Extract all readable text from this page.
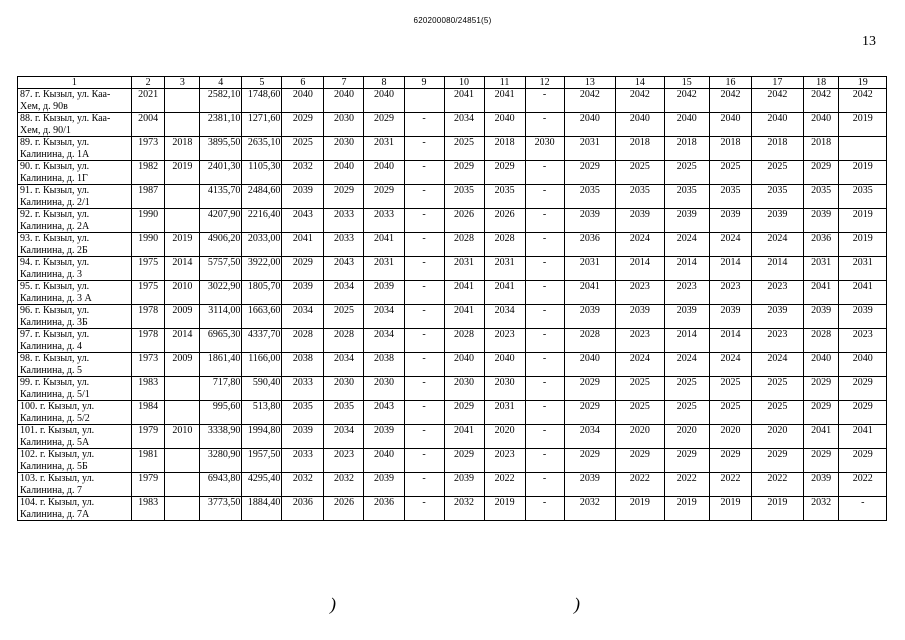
620200080/24851(5)
13
1	2	3	4	5	6	7	8	9	10	11	12	13	14	15	16	17	18	19
87. г. Кызыл, ул. Каа-Хем, д. 90в	2021		2582,10	1748,60	2040	2040	2040		2041	2041	-	2042	2042	2042	2042	2042	2042	2042
88. г. Кызыл, ул. Каа-Хем, д. 90/1	2004		2381,10	1271,60	2029	2030	2029	-	2034	2040	-	2040	2040	2040	2040	2040	2040	2019
89. г. Кызыл, ул. Калинина, д. 1А	1973	2018	3895,50	2635,10	2025	2030	2031	-	2025	2018	2030	2031	2018	2018	2018	2018	2018	
90. г. Кызыл, ул. Калинина, д. 1Г	1982	2019	2401,30	1105,30	2032	2040	2040	-	2029	2029	-	2029	2025	2025	2025	2025	2029	2019
91. г. Кызыл, ул. Калинина, д. 2/1	1987		4135,70	2484,60	2039	2029	2029	-	2035	2035	-	2035	2035	2035	2035	2035	2035	2035
92. г. Кызыл, ул. Калинина, д. 2А	1990		4207,90	2216,40	2043	2033	2033	-	2026	2026	-	2039	2039	2039	2039	2039	2039	2019
93. г. Кызыл, ул. Калинина, д. 2Б	1990	2019	4906,20	2033,00	2041	2033	2041	-	2028	2028	-	2036	2024	2024	2024	2024	2036	2019
94. г. Кызыл, ул. Калинина, д. 3	1975	2014	5757,50	3922,00	2029	2043	2031	-	2031	2031	-	2031	2014	2014	2014	2014	2031	2031
95. г. Кызыл, ул. Калинина, д. 3 А	1975	2010	3022,90	1805,70	2039	2034	2039	-	2041	2041	-	2041	2023	2023	2023	2023	2041	2041
96. г. Кызыл, ул. Калинина, д. 3Б	1978	2009	3114,00	1663,60	2034	2025	2034	-	2041	2034	-	2039	2039	2039	2039	2039	2039	2039
97. г. Кызыл, ул. Калинина, д. 4	1978	2014	6965,30	4337,70	2028	2028	2034	-	2028	2023	-	2028	2023	2014	2014	2023	2028	2023
98. г. Кызыл, ул. Калинина, д. 5	1973	2009	1861,40	1166,00	2038	2034	2038	-	2040	2040	-	2040	2024	2024	2024	2024	2040	2040
99. г. Кызыл, ул. Калинина, д. 5/1	1983		717,80	590,40	2033	2030	2030	-	2030	2030	-	2029	2025	2025	2025	2025	2029	2029
100. г. Кызыл, ул. Калинина, д. 5/2	1984		995,60	513,80	2035	2035	2043	-	2029	2031	-	2029	2025	2025	2025	2025	2029	2029
101. г. Кызыл, ул. Калинина, д. 5А	1979	2010	3338,90	1994,80	2039	2034	2039	-	2041	2020	-	2034	2020	2020	2020	2020	2041	2041
102. г. Кызыл, ул. Калинина, д. 5Б	1981		3280,90	1957,50	2033	2023	2040	-	2029	2023	-	2029	2029	2029	2029	2029	2029	2029
103. г. Кызыл, ул. Калинина, д. 7	1979		6943,80	4295,40	2032	2032	2039	-	2039	2022	-	2039	2022	2022	2022	2022	2039	2022
104. г. Кызыл, ул. Калинина, д. 7А	1983		3773,50	1884,40	2036	2026	2036	-	2032	2019	-	2032	2019	2019	2019	2019	2032	-
)	)
